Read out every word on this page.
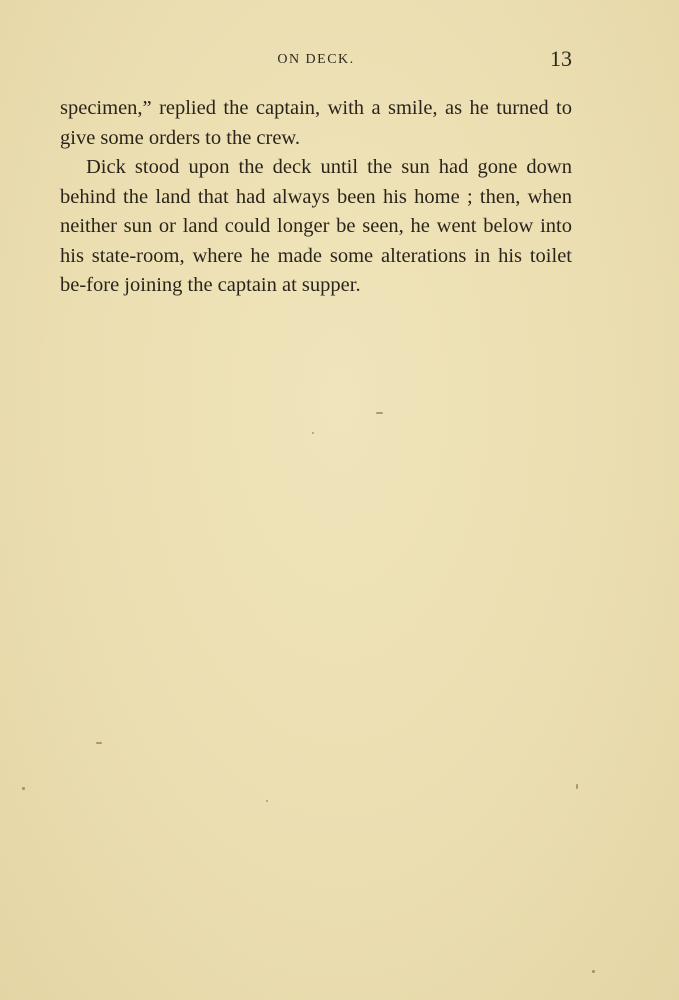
ON DECK.	13

specimen,” replied the captain, with a smile, as he turned to give some orders to the crew.

Dick stood upon the deck until the sun had gone down behind the land that had always been his home ; then, when neither sun or land could longer be seen, he went below into his state-room, where he made some alterations in his toilet be-fore joining the captain at supper.
